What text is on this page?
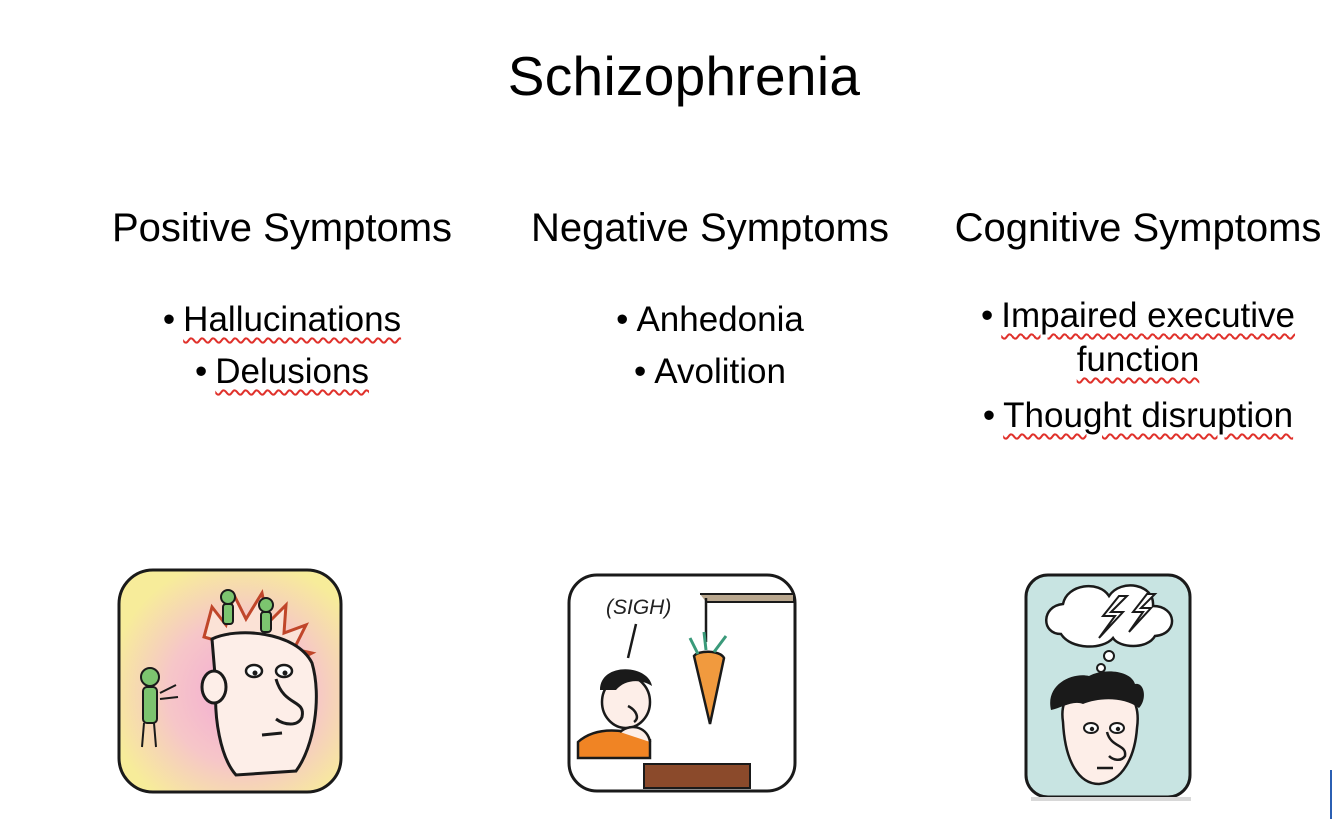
Schizophrenia
Positive Symptoms
• Hallucinations
• Delusions
Negative Symptoms
• Anhedonia
• Avolition
Cognitive Symptoms
• Impaired executive function
• Thought disruption
(SIGH)
